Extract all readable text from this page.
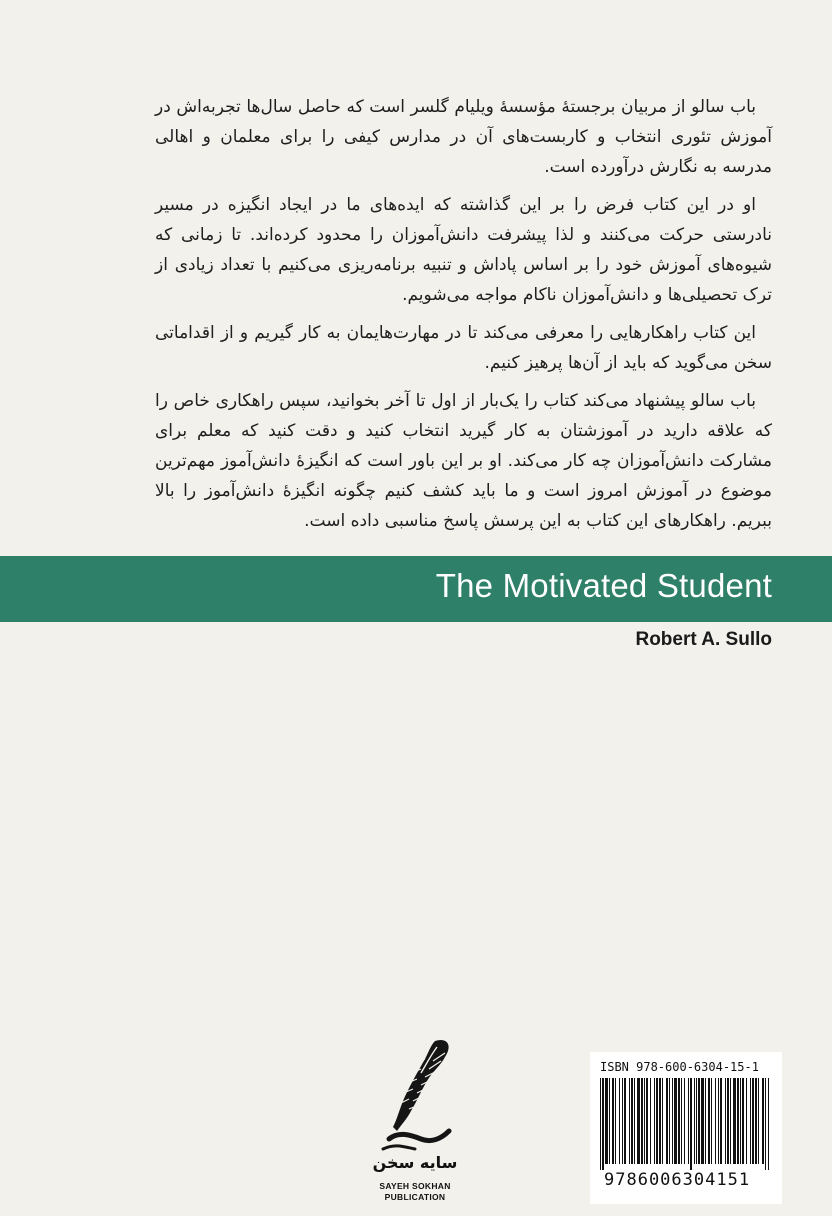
باب سالو از مربیان برجستهٔ مؤسسهٔ ویلیام گلسر است که حاصل سال‌ها تجربه‌اش در آموزش تئوری انتخاب و کاربست‌های آن در مدارس کیفی را برای معلمان و اهالی مدرسه به نگارش درآورده است.

او در این کتاب فرض را بر این گذاشته که ایده‌های ما در ایجاد انگیزه در مسیر نادرستی حرکت می‌کنند و لذا پیشرفت دانش‌آموزان را محدود کرده‌اند. تا زمانی که شیوه‌های آموزش خود را بر اساس پاداش و تنبیه برنامه‌ریزی می‌کنیم با تعداد زیادی از ترک تحصیلی‌ها و دانش‌آموزان ناکام مواجه می‌شویم.

این کتاب راهکارهایی را معرفی می‌کند تا در مهارت‌هایمان به کار گیریم و از اقداماتی سخن می‌گوید که باید از آن‌ها پرهیز کنیم.

باب سالو پیشنهاد می‌کند کتاب را یک‌بار از اول تا آخر بخوانید، سپس راهکاری خاص را که علاقه دارید در آموزشتان به کار گیرید انتخاب کنید و دقت کنید که معلم برای مشارکت دانش‌آموزان چه کار می‌کند. او بر این باور است که انگیزهٔ دانش‌آموز مهم‌ترین موضوع در آموزش امروز است و ما باید کشف کنیم چگونه انگیزهٔ دانش‌آموز را بالا ببریم. راهکارهای این کتاب به این پرسش پاسخ مناسبی داده است.

The Motivated Student
Robert A. Sullo
سایه سخن
SAYEH SOKHAN
PUBLICATION
ISBN 978-600-6304-15-1
9786006304151
